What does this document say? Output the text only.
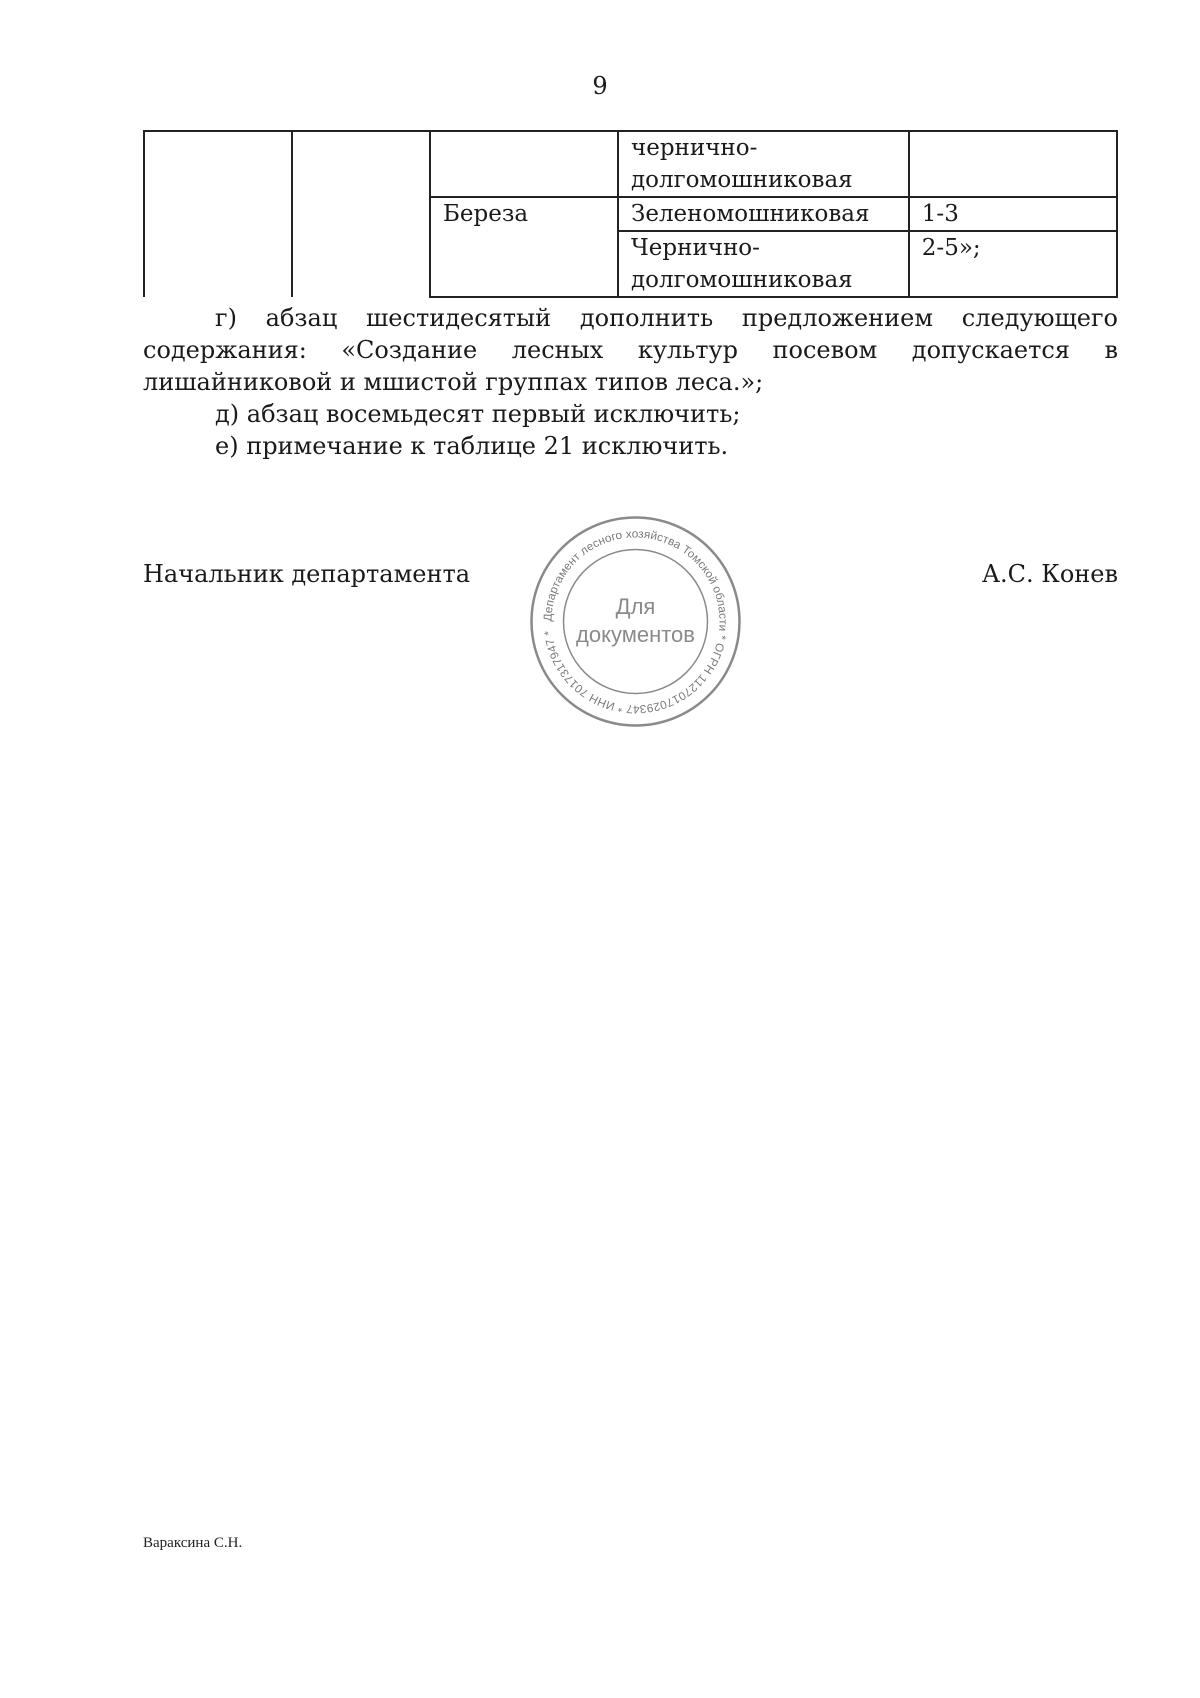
9
			чернично-долгомошниковая	
		Береза	Зеленомошниковая	1-3
			Чернично-долгомошниковая	2-5»;
г) абзац шестидесятый дополнить предложением следующего содержания: «Создание лесных культур посевом допускается в лишайниковой и мшистой группах типов леса.»;
д) абзац восемьдесят первый исключить;
е) примечание к таблице 21 исключить.
Начальник департамента	А.С. Конев
Департамент лесного хозяйства Томской области * ОГРН 1127017029347 * ИНН 7017317947 *
Для
документов
Вараксина С.Н.
